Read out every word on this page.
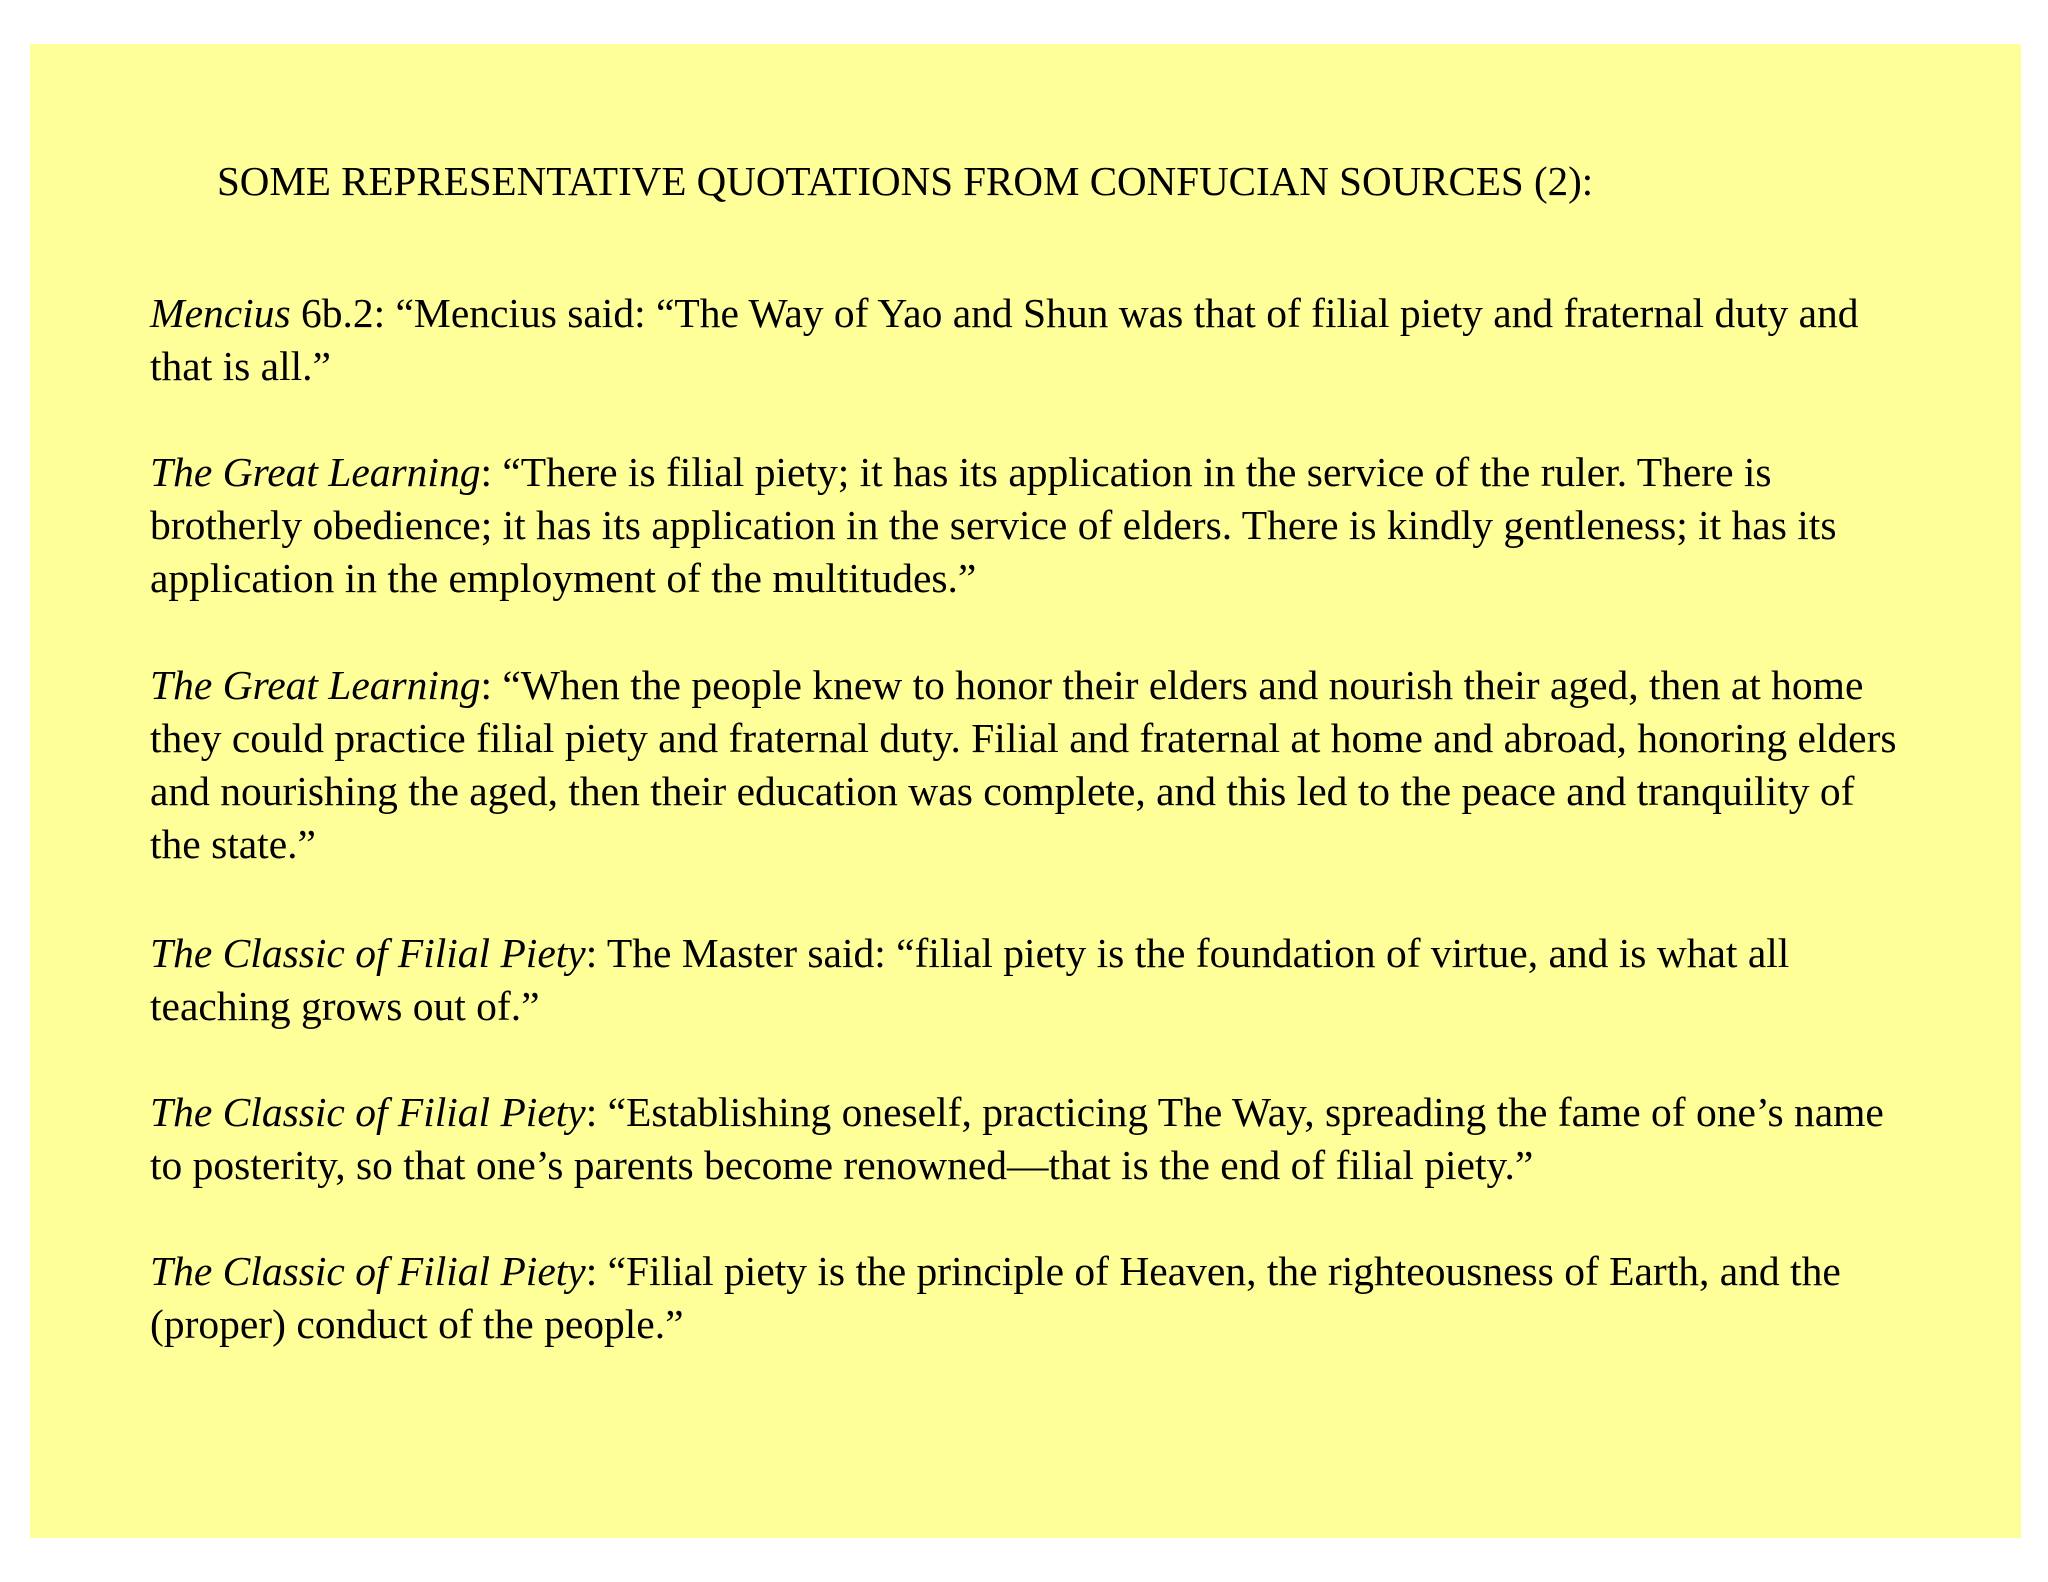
SOME REPRESENTATIVE QUOTATIONS FROM CONFUCIAN SOURCES (2):

Mencius 6b.2: “Mencius said: “The Way of Yao and Shun was that of filial piety and fraternal duty and that is all.”

The Great Learning: “There is filial piety; it has its application in the service of the ruler. There is brotherly obedience; it has its application in the service of elders. There is kindly gentleness; it has its application in the employment of the multitudes.”

The Great Learning: “When the people knew to honor their elders and nourish their aged, then at home they could practice filial piety and fraternal duty. Filial and fraternal at home and abroad, honoring elders and nourishing the aged, then their education was complete, and this led to the peace and tranquility of the state.”

The Classic of Filial Piety: The Master said: “filial piety is the foundation of virtue, and is what all teaching grows out of.”

The Classic of Filial Piety: “Establishing oneself, practicing The Way, spreading the fame of one’s name to posterity, so that one’s parents become renowned—that is the end of filial piety.”

The Classic of Filial Piety: “Filial piety is the principle of Heaven, the righteousness of Earth, and the (proper) conduct of the people.”
